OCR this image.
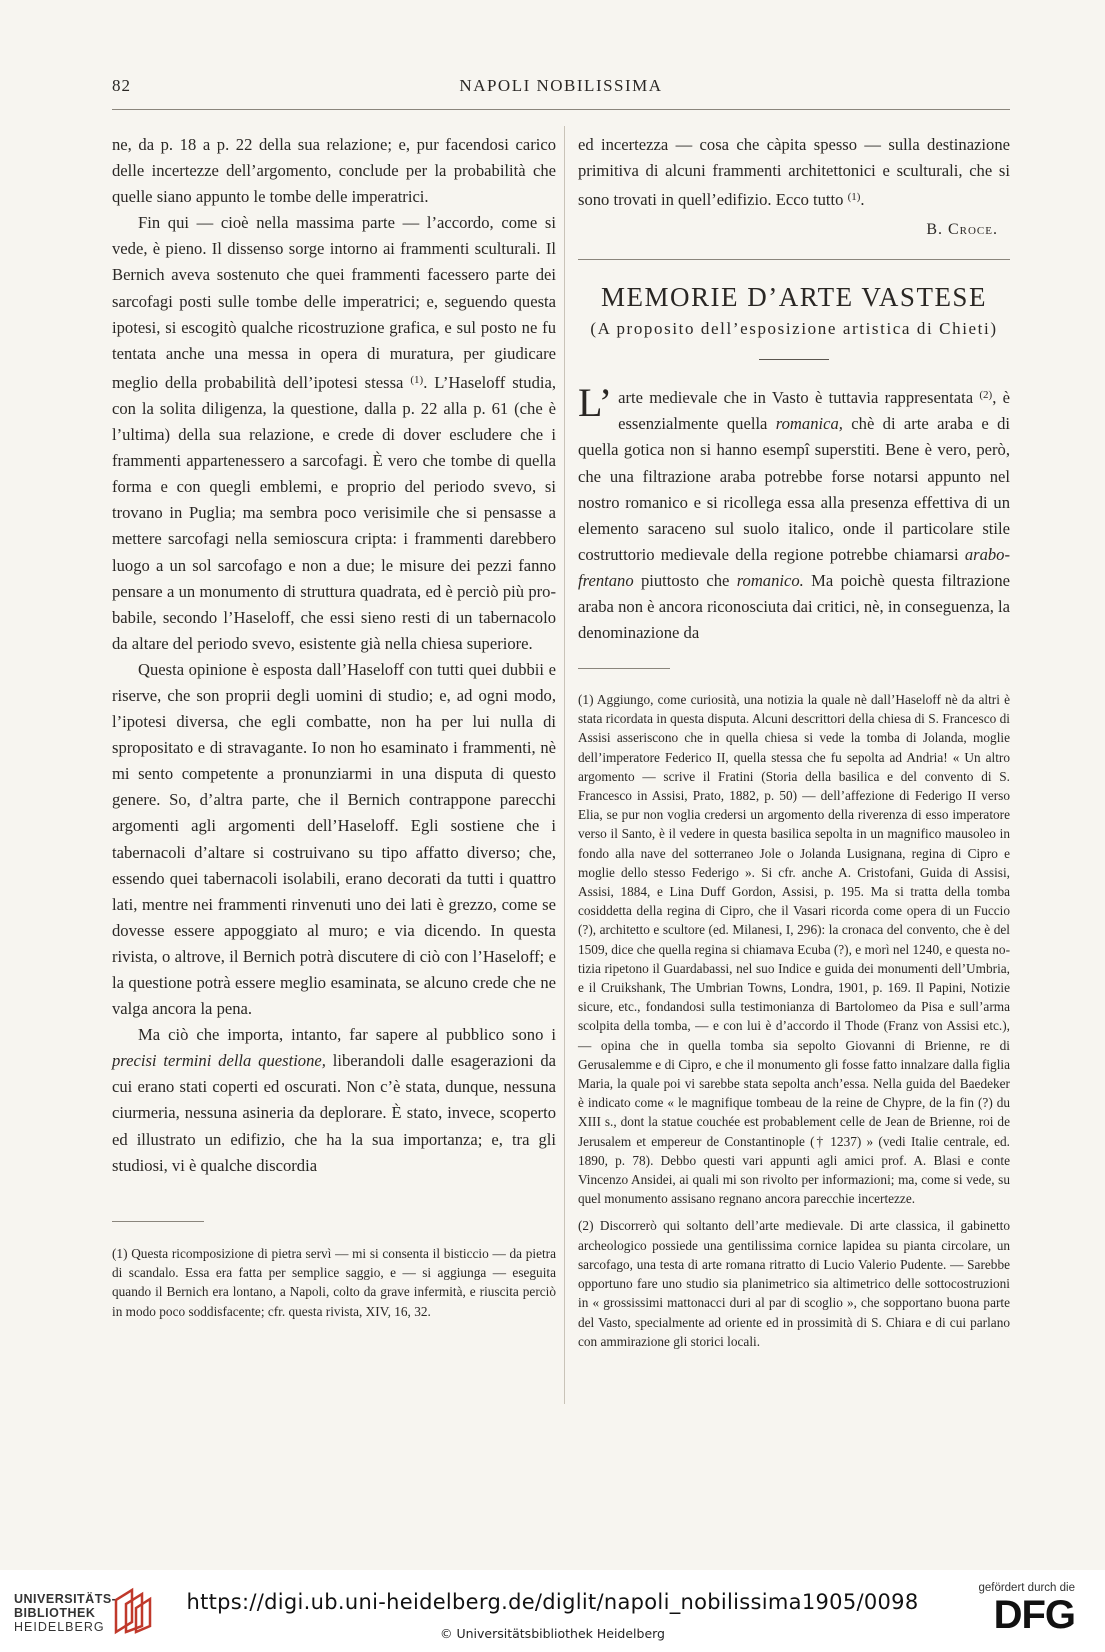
82	NAPOLI NOBILISSIMA

ne, da p. 18 a p. 22 della sua relazione; e, pur facendosi carico delle incertezze dell’argomento, conclude per la probabilità che quelle siano appunto le tombe delle imperatrici.

Fin qui — cioè nella massima parte — l’accordo, come si vede, è pieno. Il dissenso sorge intorno ai frammenti sculturali. Il Bernich aveva sostenuto che quei frammenti facessero parte dei sarcofagi posti sulle tombe delle imperatrici; e, seguendo questa ipotesi, si escogitò qualche ricostruzione grafica, e sul posto ne fu tentata anche una messa in opera di muratura, per giudicare meglio della probabilità dell’ipotesi stessa $^{(1)}$. L’Haseloff studia, con la solita diligenza, la questione, dalla p. 22 alla p. 61 (che è l’ultima) della sua relazione, e crede di dover escludere che i frammenti appartenessero a sarcofagi. È vero che tombe di quella forma e con quegli emblemi, e proprio del periodo svevo, si trovano in Puglia; ma sembra poco verisimile che si pensasse a mettere sarcofagi nella semioscura cripta: i frammenti darebbero luogo a un sol sarcofago e non a due; le misure dei pezzi fanno pensare a un monumento di struttura quadrata, ed è perciò più probabile, secondo l’Haseloff, che essi sieno resti di un tabernacolo da altare del periodo svevo, esistente già nella chiesa superiore.

Questa opinione è esposta dall’Haseloff con tutti quei dubbii e riserve, che son proprii degli uomini di studio; e, ad ogni modo, l’ipotesi diversa, che egli combatte, non ha per lui nulla di spropositato e di stravagante. Io non ho esaminato i frammenti, nè mi sento competente a pronunziarmi in una disputa di questo genere. So, d’altra parte, che il Bernich contrappone parecchi argomenti agli argomenti dell’Haseloff. Egli sostiene che i tabernacoli d’altare si costruivano su tipo affatto diverso; che, essendo quei tabernacoli isolabili, erano decorati da tutti i quattro lati, mentre nei frammenti rinvenuti uno dei lati è grezzo, come se dovesse essere appoggiato al muro; e via dicendo. In questa rivista, o altrove, il Bernich potrà discutere di ciò con l’Haseloff; e la questione potrà essere meglio esaminata, se alcuno crede che ne valga ancora la pena.

Ma ciò che importa, intanto, far sapere al pubblico sono i precisi termini della questione, liberandoli dalle esagerazioni da cui erano stati coperti ed oscurati. Non c’è stata, dunque, nessuna ciurmeria, nessuna asineria da deplorare. È stato, invece, scoperto ed illustrato un edifizio, che ha la sua importanza; e, tra gli studiosi, vi è qualche discordia

(1) Questa ricomposizione di pietra servì — mi si consenta il bisticcio — da pietra di scandalo. Essa era fatta per semplice saggio, e — si aggiunga — eseguita quando il Bernich era lontano, a Napoli, colto da grave infermità, e riuscita perciò in modo poco soddisfacente; cfr. questa rivista, XIV, 16, 32.

ed incertezza — cosa che càpita spesso — sulla destinazione primitiva di alcuni frammenti architettonici e sculturali, che si sono trovati in quell’edifizio. Ecco tutto $^{(1)}$.

B. Croce.
MEMORIE D’ARTE VASTESE
(A proposito dell’esposizione artistica di Chieti)

L’ arte medievale che in Vasto è tuttavia rappresentata $^{(2)}$, è essenzialmente quella romanica, chè di arte araba e di quella gotica non si hanno esempî superstiti. Bene è vero, però, che una filtrazione araba potrebbe forse notarsi appunto nel nostro romanico e si ricollega essa alla presenza effettiva di un elemento saraceno sul suolo italico, onde il particolare stile costruttorio medievale della regione potrebbe chiamarsi arabo-frentano piuttosto che romanico. Ma poichè questa filtrazione araba non è ancora riconosciuta dai critici, nè, in conseguenza, la denominazione da

(1) Aggiungo, come curiosità, una notizia la quale nè dall’Haseloff nè da altri è stata ricordata in questa disputa. Alcuni descrittori della chiesa di S. Francesco di Assisi asseriscono che in quella chiesa si vede la tomba di Jolanda, moglie dell’imperatore Federico II, quella stessa che fu sepolta ad Andria! « Un altro argomento — scrive il Fratini (Storia della basilica e del convento di S. Francesco in Assisi, Prato, 1882, p. 50) — dell’affezione di Federigo II verso Elia, se pur non voglia credersi un argomento della riverenza di esso imperatore verso il Santo, è il vedere in questa basilica sepolta in un magnifico mausoleo in fondo alla nave del sotterraneo Jole o Jolanda Lusignana, regina di Cipro e moglie dello stesso Federigo ». Si cfr. anche A. Cristofani, Guida di Assisi, Assisi, 1884, e Lina Duff Gordon, Assisi, p. 195. Ma si tratta della tomba cosiddetta della regina di Cipro, che il Vasari ricorda come opera di un Fuccio (?), architetto e scultore (ed. Milanesi, I, 296): la cronaca del convento, che è del 1509, dice che quella regina si chiamava Ecuba (?), e morì nel 1240, e questa notizia ripetono il Guardabassi, nel suo Indice e guida dei monumenti dell’Umbria, e il Cruikshank, The Umbrian Towns, Londra, 1901, p. 169. Il Papini, Notizie sicure, etc., fondandosi sulla testimonianza di Bartolomeo da Pisa e sull’arma scolpita della tomba, — e con lui è d’accordo il Thode (Franz von Assisi etc.), — opina che in quella tomba sia sepolto Giovanni di Brienne, re di Gerusalemme e di Cipro, e che il monumento gli fosse fatto innalzare dalla figlia Maria, la quale poi vi sarebbe stata sepolta anch’essa. Nella guida del Baedeker è indicato come « le magnifique tombeau de la reine de Chypre, de la fin (?) du XIII s., dont la statue couchée est probablement celle de Jean de Brienne, roi de Jerusalem et empereur de Constantinople († 1237) » (vedi Italie centrale, ed. 1890, p. 78). Debbo questi vari appunti agli amici prof. A. Blasi e conte Vincenzo Ansidei, ai quali mi son rivolto per informazioni; ma, come si vede, su quel monumento assisano regnano ancora parecchie incertezze.

(2) Discorrerò qui soltanto dell’arte medievale. Di arte classica, il gabinetto archeologico possiede una gentilissima cornice lapidea su pianta circolare, un sarcofago, una testa di arte romana ritratto di Lucio Valerio Pudente. — Sarebbe opportuno fare uno studio sia planimetrico sia altimetrico delle sottocostruzioni in « grossissimi mattonacci duri al par di scoglio », che sopportano buona parte del Vasto, specialmente ad oriente ed in prossimità di S. Chiara e di cui parlano con ammirazione gli storici locali.

UNIVERSITÄTS-
BIBLIOTHEK
HEIDELBERG
https://digi.ub.uni-heidelberg.de/diglit/napoli_nobilissima1905/0098
© Universitätsbibliothek Heidelberg
gefördert durch die
DFG
